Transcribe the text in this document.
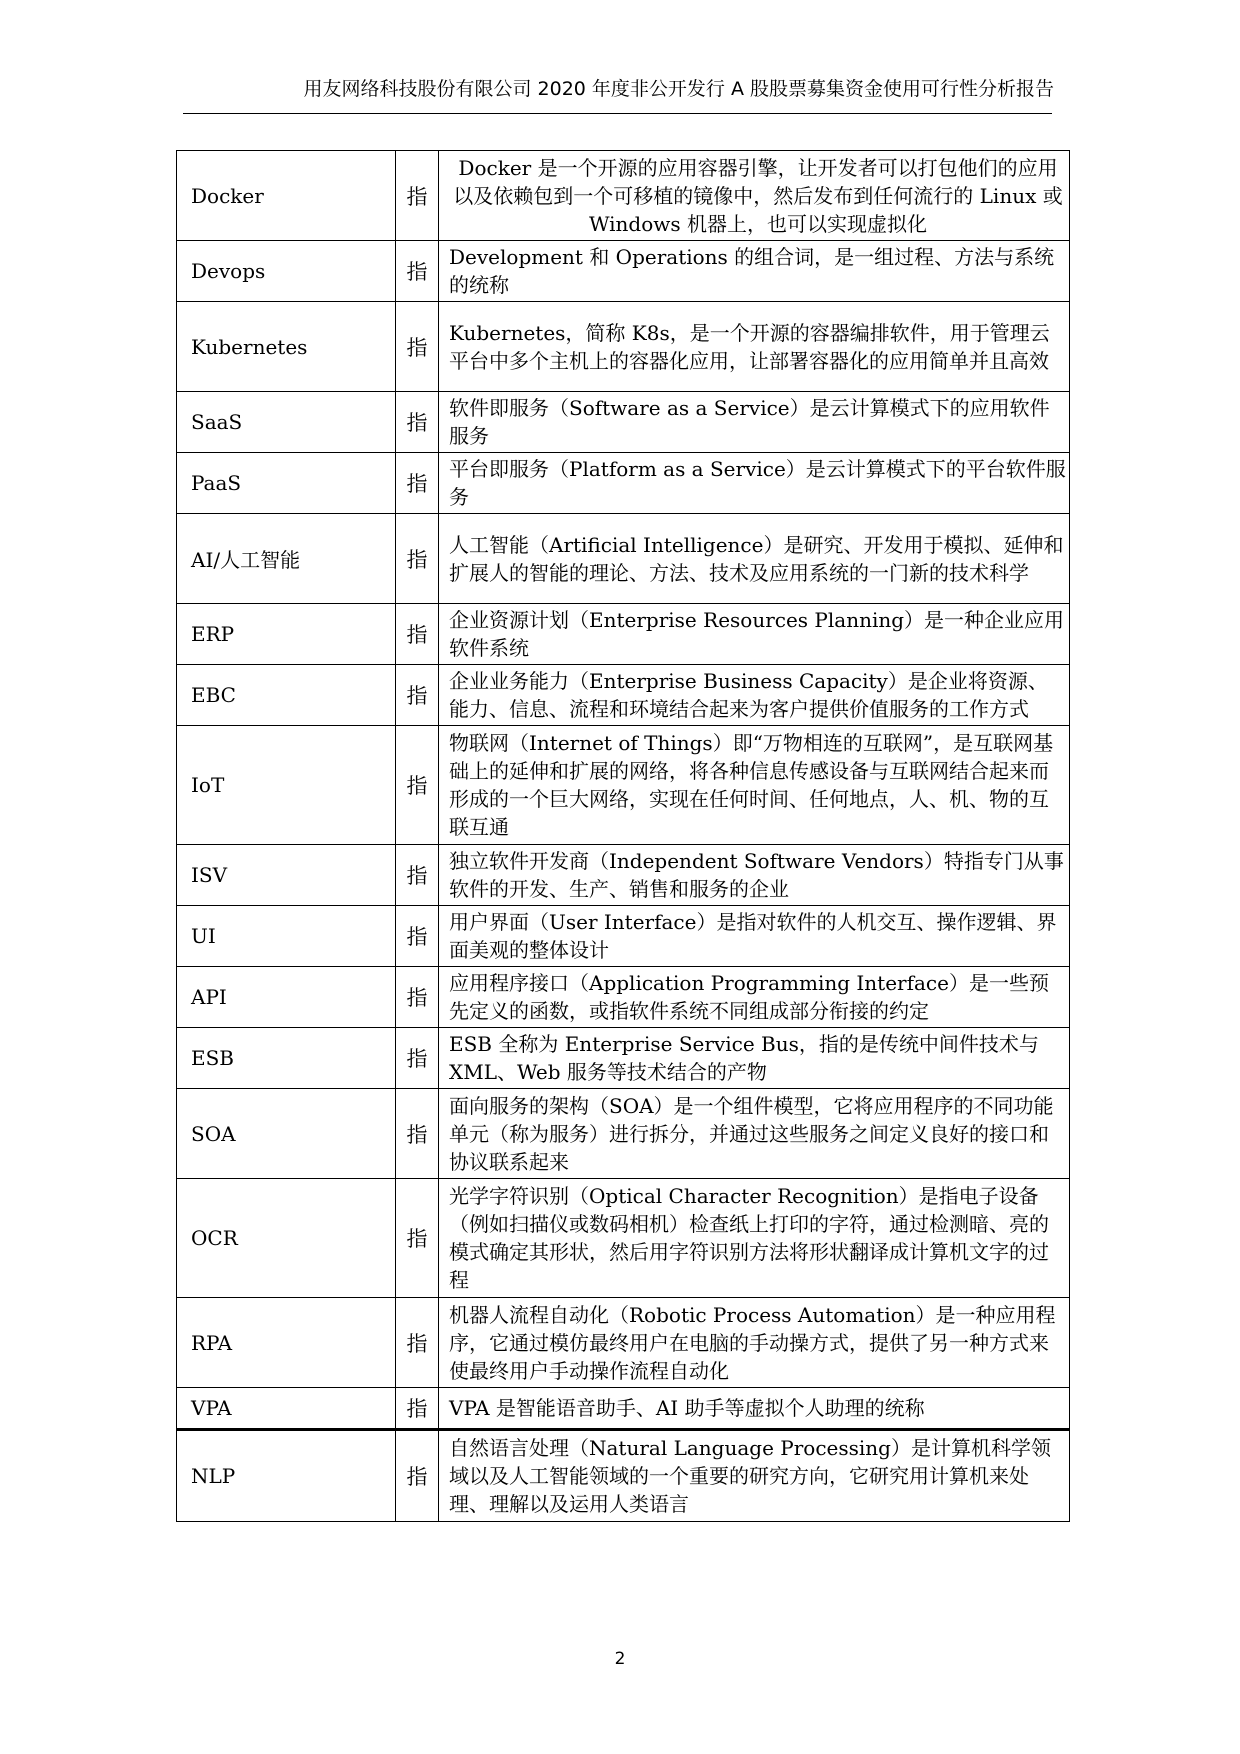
用友网络科技股份有限公司 2020 年度非公开发行 A 股股票募集资金使用可行性分析报告
Docker	指	Docker 是一个开源的应用容器引擎，让开发者可以打包他们的应用以及依赖包到一个可移植的镜像中，然后发布到任何流行的 Linux 或 Windows 机器上，也可以实现虚拟化
Devops	指	Development 和 Operations 的组合词，是一组过程、方法与系统的统称
Kubernetes	指	Kubernetes，简称 K8s，是一个开源的容器编排软件，用于管理云平台中多个主机上的容器化应用，让部署容器化的应用简单并且高效
SaaS	指	软件即服务（Software as a Service）是云计算模式下的应用软件服务
PaaS	指	平台即服务（Platform as a Service）是云计算模式下的平台软件服务
AI/人工智能	指	人工智能（Artificial Intelligence）是研究、开发用于模拟、延伸和扩展人的智能的理论、方法、技术及应用系统的一门新的技术科学
ERP	指	企业资源计划（Enterprise Resources Planning）是一种企业应用软件系统
EBC	指	企业业务能力（Enterprise Business Capacity）是企业将资源、能力、信息、流程和环境结合起来为客户提供价值服务的工作方式
IoT	指	物联网（Internet of Things）即“万物相连的互联网”，是互联网基础上的延伸和扩展的网络，将各种信息传感设备与互联网结合起来而形成的一个巨大网络，实现在任何时间、任何地点，人、机、物的互联互通
ISV	指	独立软件开发商（Independent Software Vendors）特指专门从事软件的开发、生产、销售和服务的企业
UI	指	用户界面（User Interface）是指对软件的人机交互、操作逻辑、界面美观的整体设计
API	指	应用程序接口（Application Programming Interface）是一些预先定义的函数，或指软件系统不同组成部分衔接的约定
ESB	指	ESB 全称为 Enterprise Service Bus，指的是传统中间件技术与 XML、Web 服务等技术结合的产物
SOA	指	面向服务的架构（SOA）是一个组件模型，它将应用程序的不同功能单元（称为服务）进行拆分，并通过这些服务之间定义良好的接口和协议联系起来
OCR	指	光学字符识别（Optical Character Recognition）是指电子设备（例如扫描仪或数码相机）检查纸上打印的字符，通过检测暗、亮的模式确定其形状，然后用字符识别方法将形状翻译成计算机文字的过程
RPA	指	机器人流程自动化（Robotic Process Automation）是一种应用程序，它通过模仿最终用户在电脑的手动操方式，提供了另一种方式来使最终用户手动操作流程自动化
VPA	指	VPA 是智能语音助手、AI 助手等虚拟个人助理的统称
NLP	指	自然语言处理（Natural Language Processing）是计算机科学领域以及人工智能领域的一个重要的研究方向，它研究用计算机来处理、理解以及运用人类语言
2
